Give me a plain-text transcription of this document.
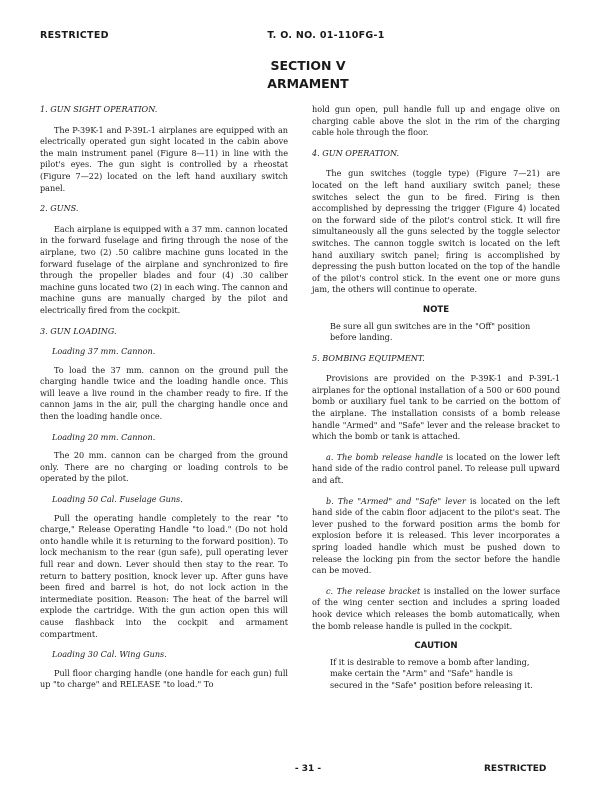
RESTRICTED	T. O. NO. 01-110FG-1
SECTION V
ARMAMENT

1. GUN SIGHT OPERATION.

The P-39K-1 and P-39L-1 airplanes are equipped with an electrically operated gun sight located in the cabin above the main instrument panel (Figure 8—11) in line with the pilot's eyes. The gun sight is controlled by a rheostat (Figure 7—22) located on the left hand auxiliary switch panel.

2. GUNS.

Each airplane is equipped with a 37 mm. cannon located in the forward fuselage and firing through the nose of the airplane, two (2) .50 calibre machine guns located in the forward fuselage of the airplane and synchronized to fire through the propeller blades and four (4) .30 caliber machine guns located two (2) in each wing. The cannon and machine guns are manually charged by the pilot and electrically fired from the cockpit.

3. GUN LOADING.

Loading 37 mm. Cannon.

To load the 37 mm. cannon on the ground pull the charging handle twice and the loading handle once. This will leave a live round in the chamber ready to fire. If the cannon jams in the air, pull the charging handle once and then the loading handle once.

Loading 20 mm. Cannon.

The 20 mm. cannon can be charged from the ground only. There are no charging or loading controls to be operated by the pilot.

Loading 50 Cal. Fuselage Guns.

Pull the operating handle completely to the rear "to charge," Release Operating Handle "to load." (Do not hold onto handle while it is returning to the forward position). To lock mechanism to the rear (gun safe), pull operating lever full rear and down. Lever should then stay to the rear. To return to battery position, knock lever up. After guns have been fired and barrel is hot, do not lock action in the intermediate position. Reason: The heat of the barrel will explode the cartridge. With the gun action open this will cause flashback into the cockpit and armament compartment.

Loading 30 Cal. Wing Guns.

Pull floor charging handle (one handle for each gun) full up "to charge" and RELEASE "to load." To

hold gun open, pull handle full up and engage olive on charging cable above the slot in the rim of the charging cable hole through the floor.

4. GUN OPERATION.

The gun switches (toggle type) (Figure 7—21) are located on the left hand auxiliary switch panel; these switches select the gun to be fired. Firing is then accomplished by depressing the trigger (Figure 4) located on the forward side of the pilot's control stick. It will fire simultaneously all the guns selected by the toggle selector switches. The cannon toggle switch is located on the left hand auxiliary switch panel; firing is accomplished by depressing the push button located on the top of the handle of the pilot's control stick. In the event one or more guns jam, the others will continue to operate.

NOTE

Be sure all gun switches are in the "Off" position before landing.

5. BOMBING EQUIPMENT.

Provisions are provided on the P-39K-1 and P-39L-1 airplanes for the optional installation of a 500 or 600 pound bomb or auxiliary fuel tank to be carried on the bottom of the airplane. The installation consists of a bomb release handle "Armed" and "Safe" lever and the release bracket to which the bomb or tank is attached.

a. The bomb release handle is located on the lower left hand side of the radio control panel. To release pull upward and aft.

b. The "Armed" and "Safe" lever is located on the left hand side of the cabin floor adjacent to the pilot's seat. The lever pushed to the forward position arms the bomb for explosion before it is released. This lever incorporates a spring loaded handle which must be pushed down to release the locking pin from the sector before the handle can be moved.

c. The release bracket is installed on the lower surface of the wing center section and includes a spring loaded hook device which releases the bomb automatically, when the bomb release handle is pulled in the cockpit.

CAUTION

If it is desirable to remove a bomb after landing, make certain the "Arm" and "Safe" handle is secured in the "Safe" position before releasing it.

- 31 -	RESTRICTED
